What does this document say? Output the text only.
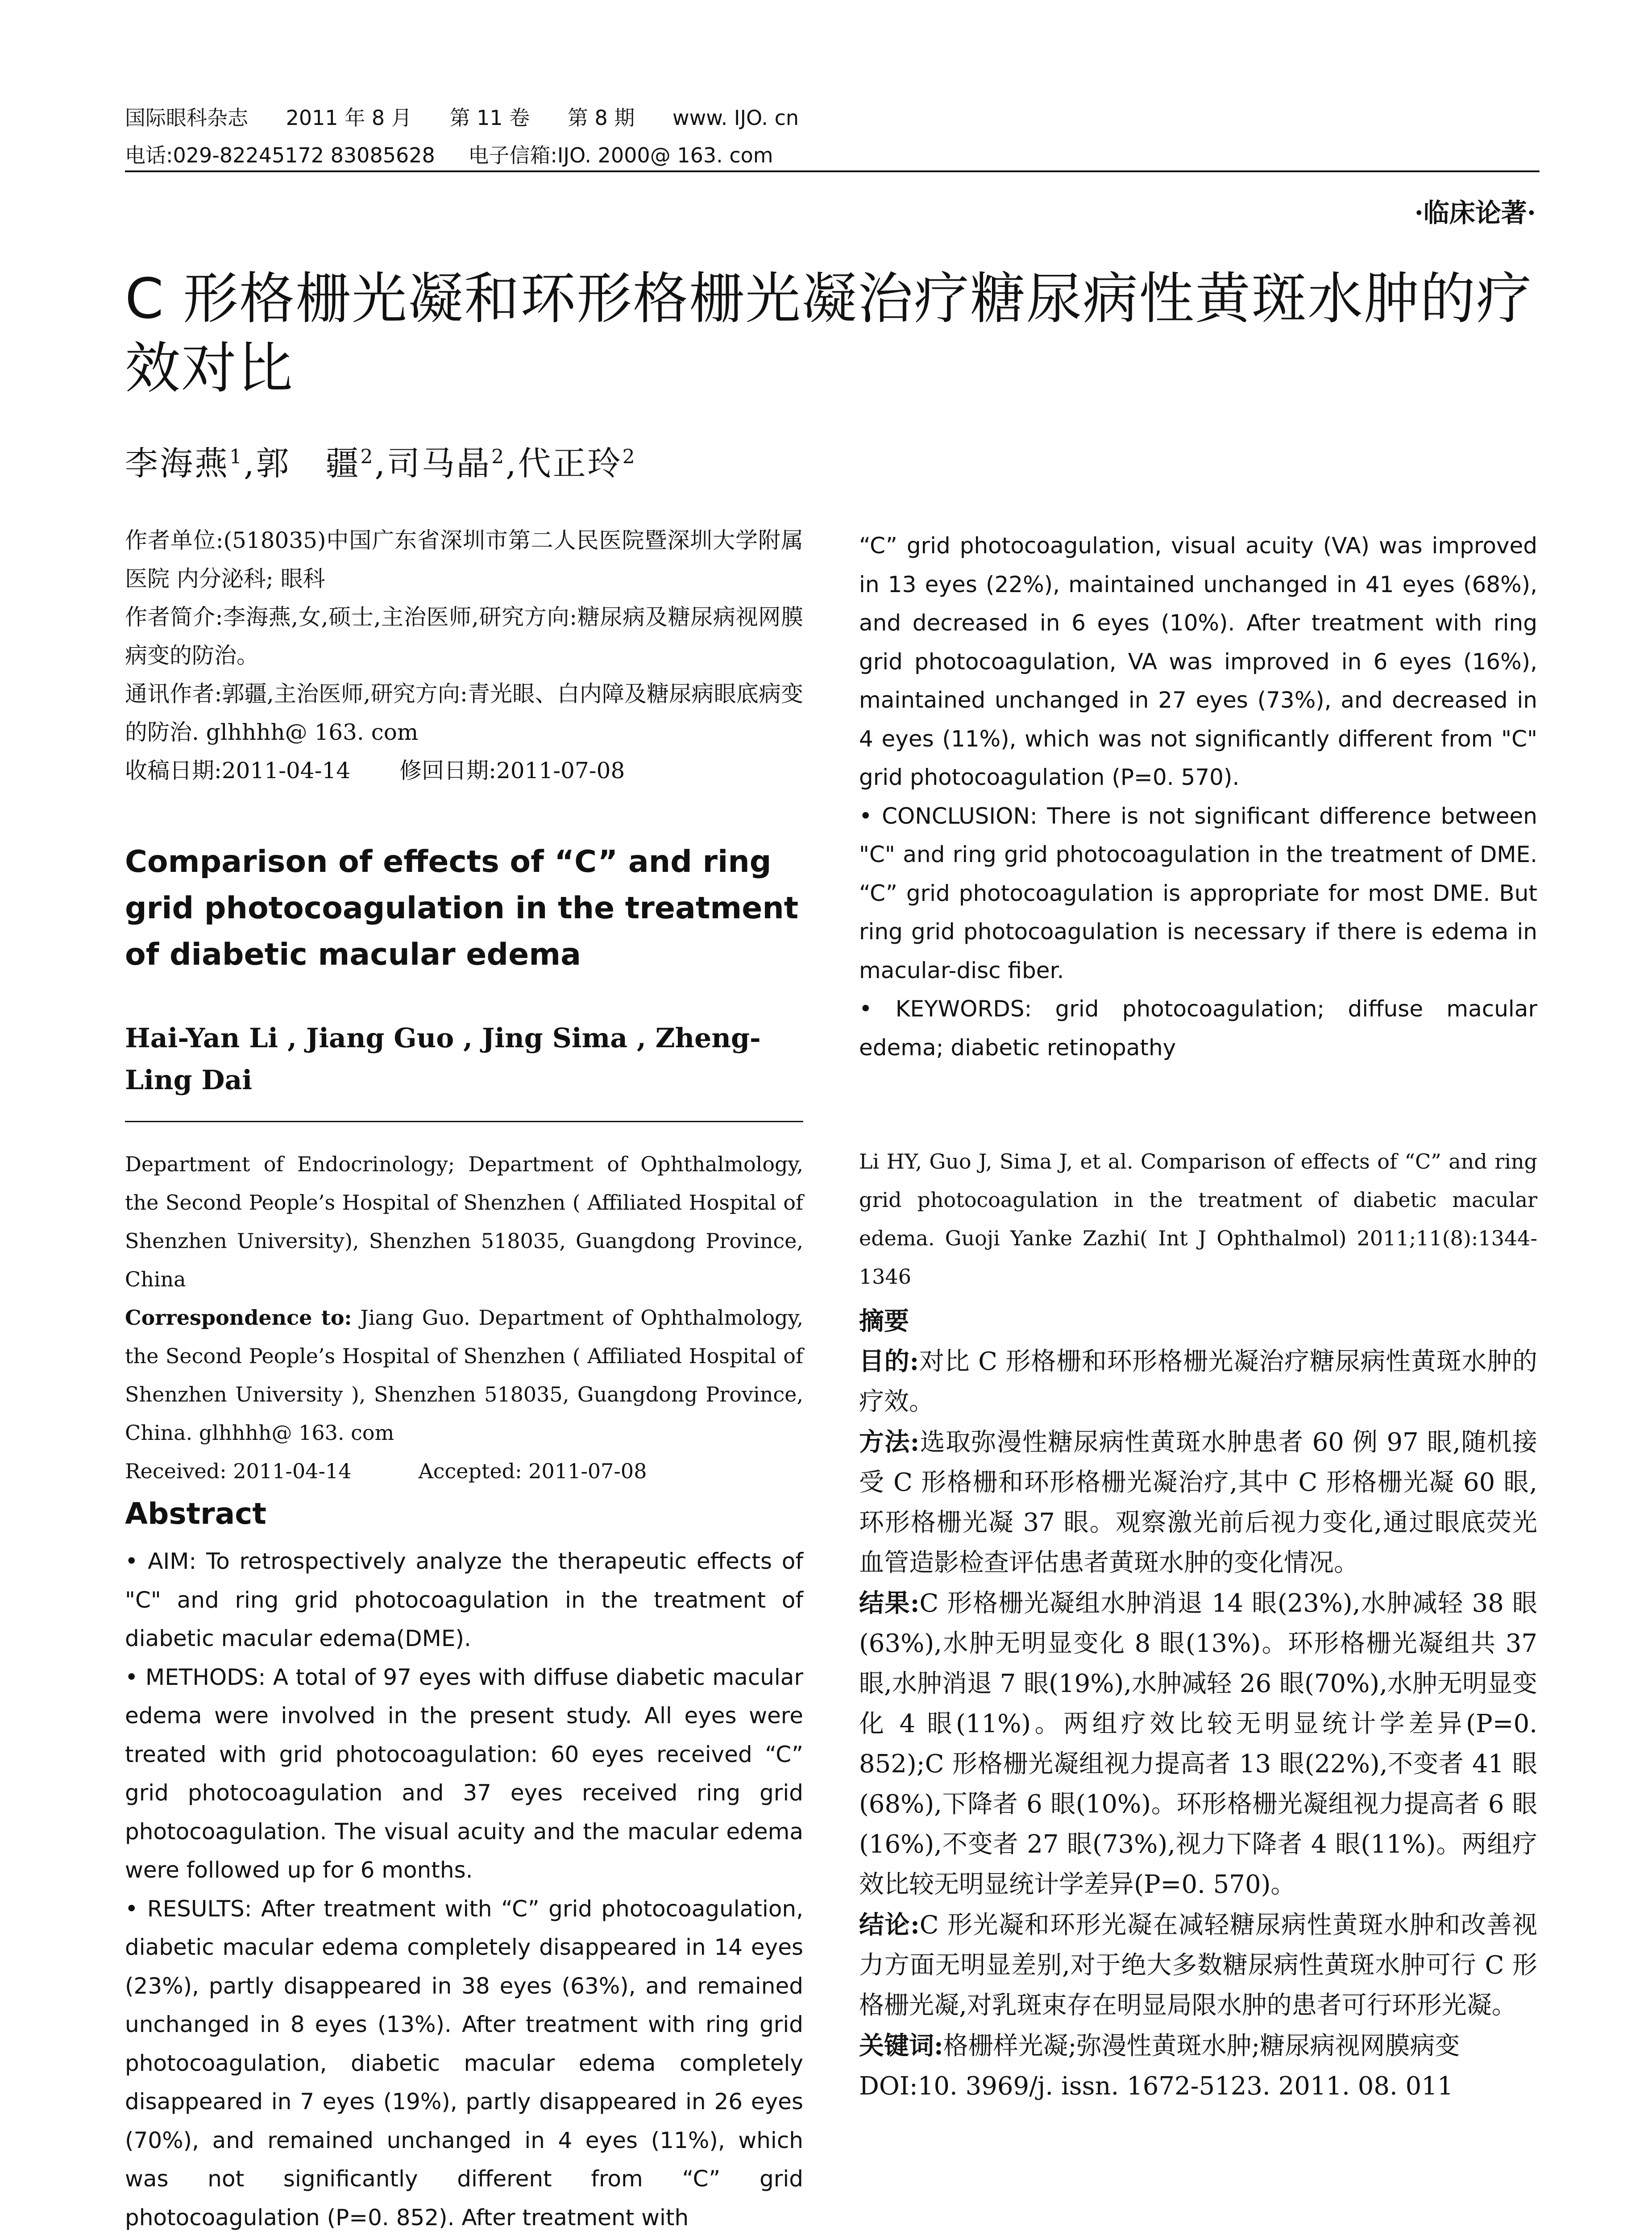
国际眼科杂志 2011 年 8 月 第 11 卷 第 8 期 www. IJO. cn
电话:029-82245172 83085628 电子信箱:IJO. 2000@ 163. com
·临床论著·
C 形格栅光凝和环形格栅光凝治疗糖尿病性黄斑水肿的疗效对比
李海燕$^1$,郭　疆$^2$,司马晶$^2$,代正玲$^2$

作者单位:(518035)中国广东省深圳市第二人民医院暨深圳大学附属医院 内分泌科; 眼科

作者简介:李海燕,女,硕士,主治医师,研究方向:糖尿病及糖尿病视网膜病变的防治。

通讯作者:郭疆,主治医师,研究方向:青光眼、白内障及糖尿病眼底病变的防治. glhhhh@ 163. com

收稿日期:2011-04-14 修回日期:2011-07-08

Comparison of effects of “C” and ring grid photocoagulation in the treatment of diabetic macular edema
Hai-Yan Li , Jiang Guo , Jing Sima , Zheng-Ling Dai

Department of Endocrinology; Department of Ophthalmology, the Second People’s Hospital of Shenzhen ( Affiliated Hospital of Shenzhen University), Shenzhen 518035, Guangdong Province, China

Correspondence to: Jiang Guo. Department of Ophthalmology, the Second People’s Hospital of Shenzhen ( Affiliated Hospital of Shenzhen University ), Shenzhen 518035, Guangdong Province, China. glhhhh@ 163. com

Received: 2011-04-14	Accepted: 2011-07-08

Abstract

• AIM: To retrospectively analyze the therapeutic effects of "C" and ring grid photocoagulation in the treatment of diabetic macular edema(DME).

• METHODS: A total of 97 eyes with diffuse diabetic macular edema were involved in the present study. All eyes were treated with grid photocoagulation: 60 eyes received “C” grid photocoagulation and 37 eyes received ring grid photocoagulation. The visual acuity and the macular edema were followed up for 6 months.

• RESULTS: After treatment with “C” grid photocoagulation, diabetic macular edema completely disappeared in 14 eyes (23%), partly disappeared in 38 eyes (63%), and remained unchanged in 8 eyes (13%). After treatment with ring grid photocoagulation, diabetic macular edema completely disappeared in 7 eyes (19%), partly disappeared in 26 eyes (70%), and remained unchanged in 4 eyes (11%), which was not significantly different from “C” grid photocoagulation (P=0. 852). After treatment with

“C” grid photocoagulation, visual acuity (VA) was improved in 13 eyes (22%), maintained unchanged in 41 eyes (68%), and decreased in 6 eyes (10%). After treatment with ring grid photocoagulation, VA was improved in 6 eyes (16%), maintained unchanged in 27 eyes (73%), and decreased in 4 eyes (11%), which was not significantly different from "C" grid photocoagulation (P=0. 570).

• CONCLUSION: There is not significant difference between "C" and ring grid photocoagulation in the treatment of DME. “C” grid photocoagulation is appropriate for most DME. But ring grid photocoagulation is necessary if there is edema in macular-disc fiber.

• KEYWORDS: grid photocoagulation; diffuse macular edema; diabetic retinopathy

Li HY, Guo J, Sima J, et al. Comparison of effects of “C” and ring grid photocoagulation in the treatment of diabetic macular edema. Guoji Yanke Zazhi( Int J Ophthalmol) 2011;11(8):1344-1346

摘要

目的:对比 C 形格栅和环形格栅光凝治疗糖尿病性黄斑水肿的疗效。

方法:选取弥漫性糖尿病性黄斑水肿患者 60 例 97 眼,随机接受 C 形格栅和环形格栅光凝治疗,其中 C 形格栅光凝 60 眼,环形格栅光凝 37 眼。观察激光前后视力变化,通过眼底荧光血管造影检查评估患者黄斑水肿的变化情况。

结果:C 形格栅光凝组水肿消退 14 眼(23%),水肿减轻 38 眼(63%),水肿无明显变化 8 眼(13%)。环形格栅光凝组共 37 眼,水肿消退 7 眼(19%),水肿减轻 26 眼(70%),水肿无明显变化 4 眼(11%)。两组疗效比较无明显统计学差异(P=0. 852);C 形格栅光凝组视力提高者 13 眼(22%),不变者 41 眼(68%),下降者 6 眼(10%)。环形格栅光凝组视力提高者 6 眼(16%),不变者 27 眼(73%),视力下降者 4 眼(11%)。两组疗效比较无明显统计学差异(P=0. 570)。

结论:C 形光凝和环形光凝在减轻糖尿病性黄斑水肿和改善视力方面无明显差别,对于绝大多数糖尿病性黄斑水肿可行 C 形格栅光凝,对乳斑束存在明显局限水肿的患者可行环形光凝。

关键词:格栅样光凝;弥漫性黄斑水肿;糖尿病视网膜病变

DOI:10. 3969/j. issn. 1672-5123. 2011. 08. 011
